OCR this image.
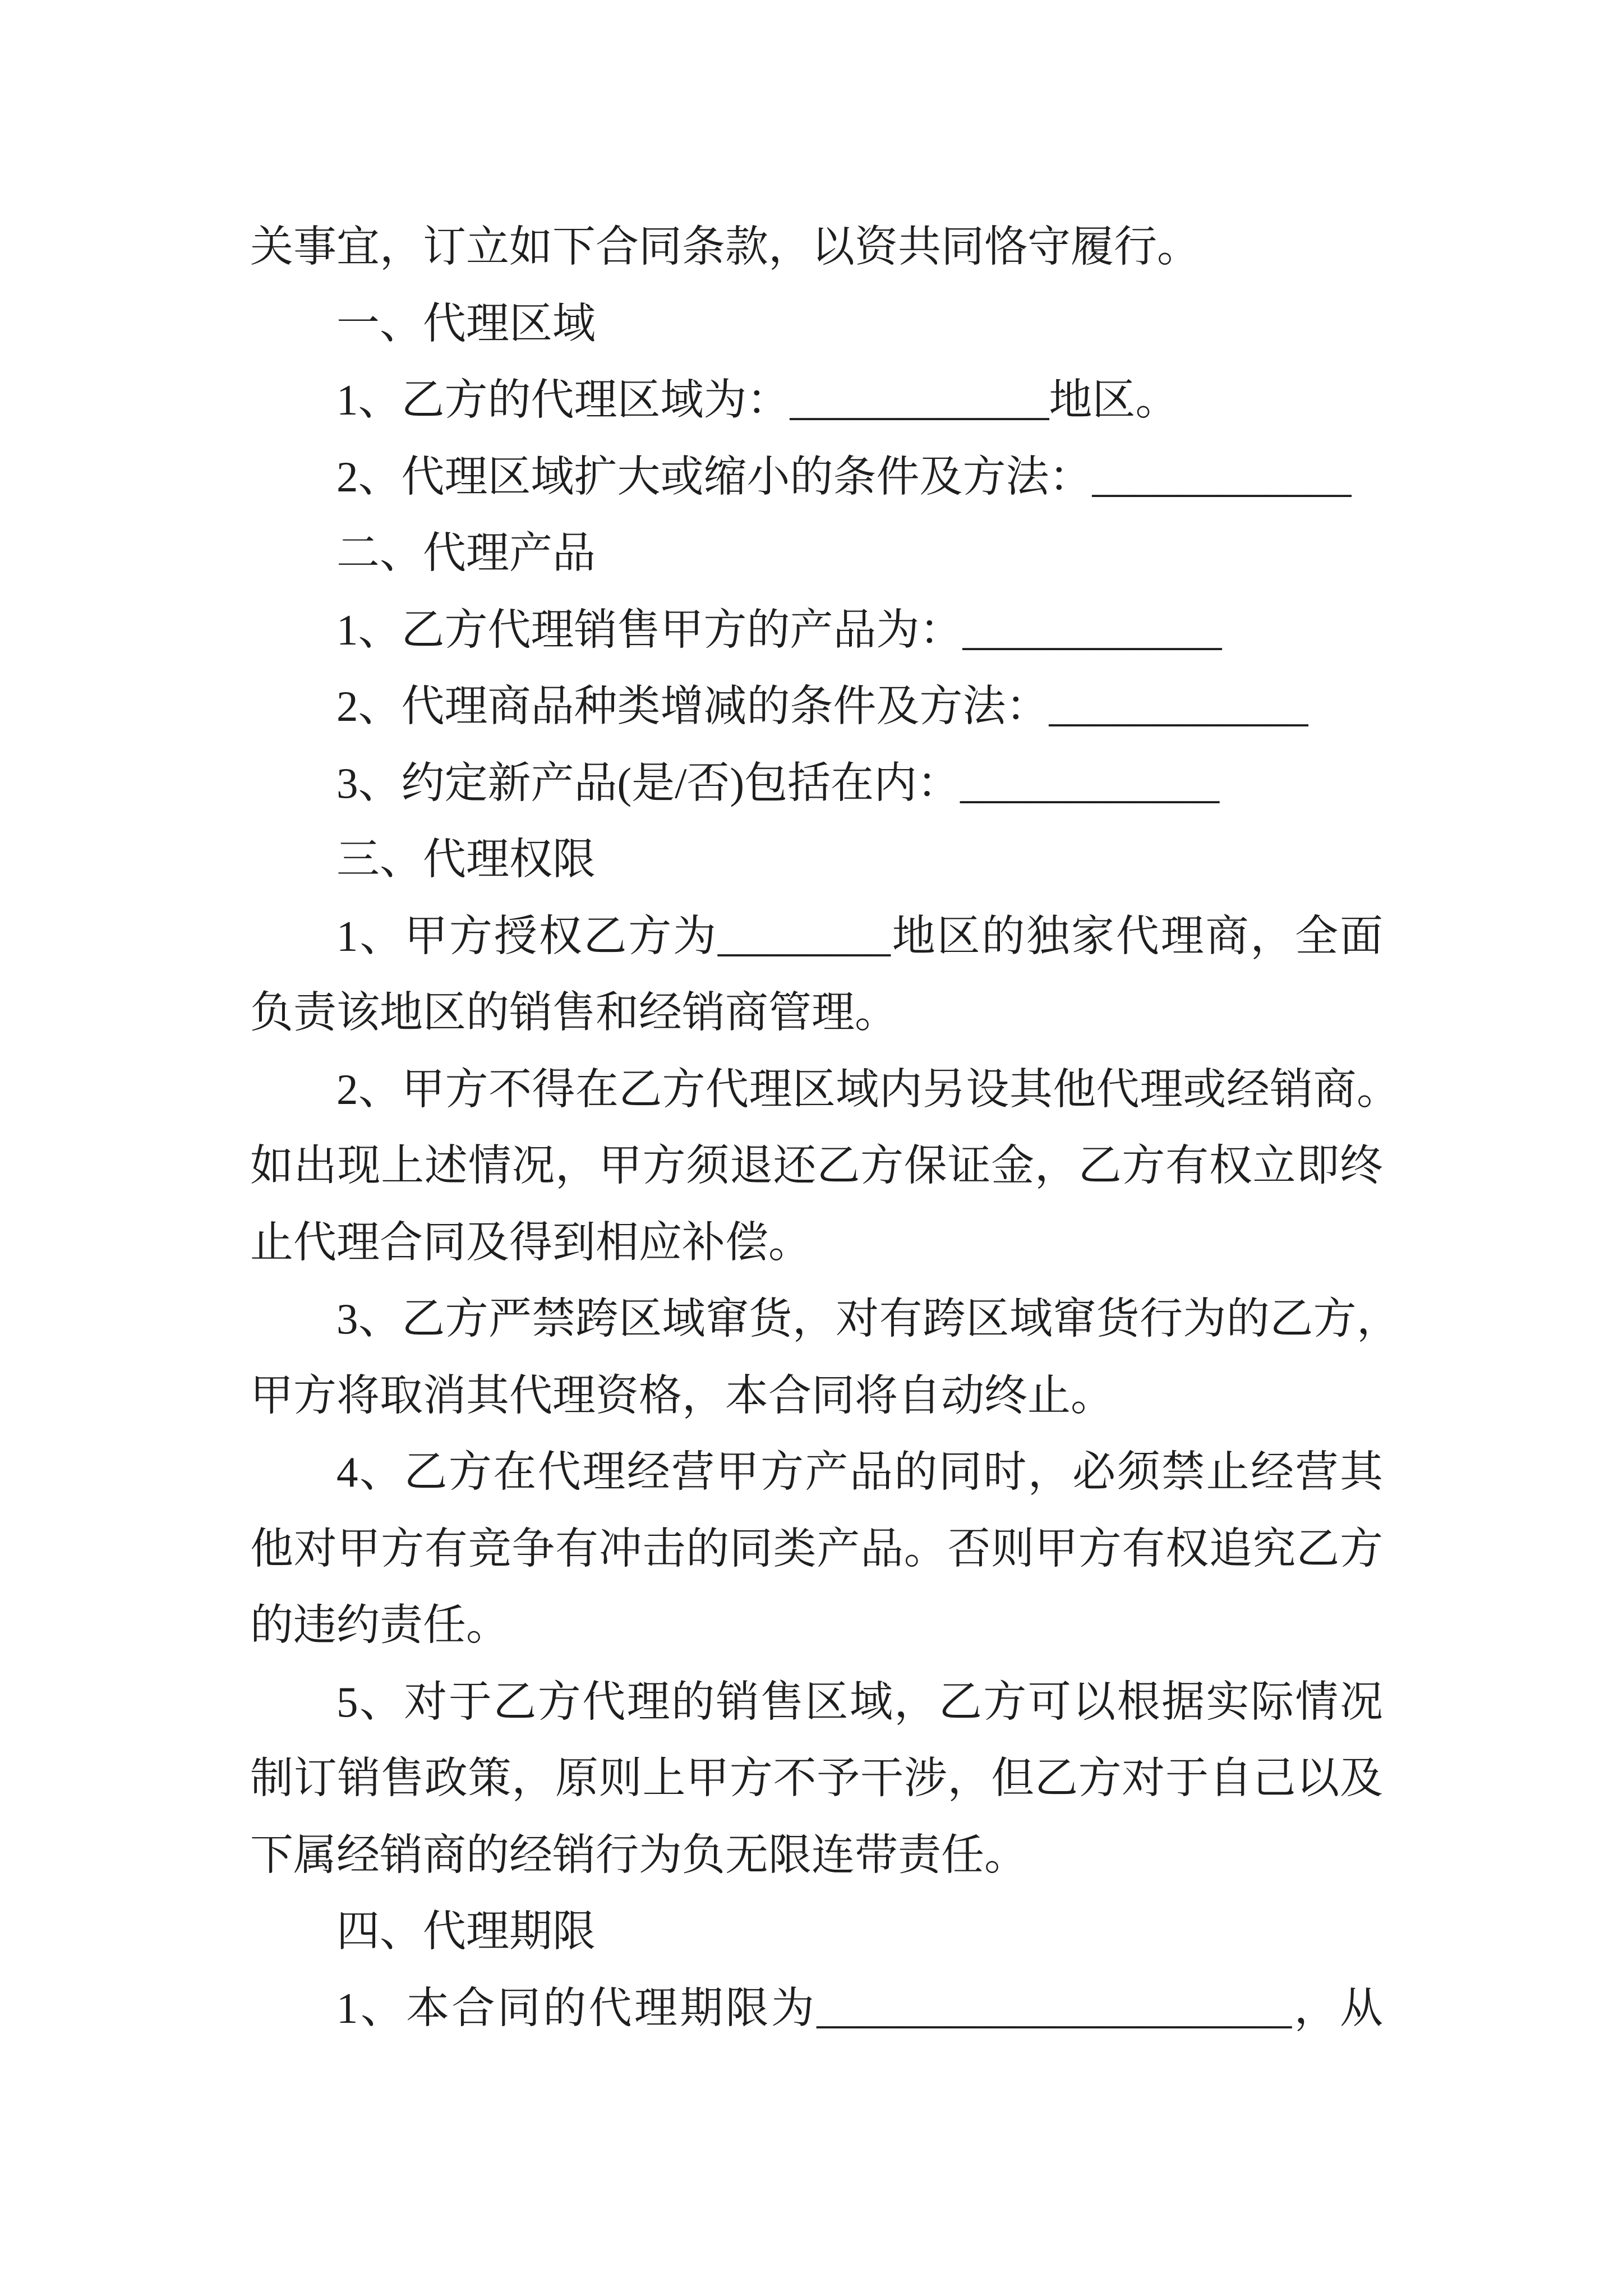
关事宜，订立如下合同条款，以资共同恪守履行。
一、代理区域
1、乙方的代理区域为：____________地区。
2、代理区域扩大或缩小的条件及方法：____________
二、代理产品
1、乙方代理销售甲方的产品为：____________
2、代理商品种类增减的条件及方法：____________
3、约定新产品(是/否)包括在内：____________
三、代理权限
1、甲方授权乙方为________地区的独家代理商，全面
负责该地区的销售和经销商管理。
2、甲方不得在乙方代理区域内另设其他代理或经销商。
如出现上述情况，甲方须退还乙方保证金，乙方有权立即终
止代理合同及得到相应补偿。
3、乙方严禁跨区域窜货，对有跨区域窜货行为的乙方，
甲方将取消其代理资格，本合同将自动终止。
4、乙方在代理经营甲方产品的同时，必须禁止经营其
他对甲方有竞争有冲击的同类产品。否则甲方有权追究乙方
的违约责任。
5、对于乙方代理的销售区域，乙方可以根据实际情况
制订销售政策，原则上甲方不予干涉，但乙方对于自己以及
下属经销商的经销行为负无限连带责任。
四、代理期限
1、本合同的代理期限为______________________，从
